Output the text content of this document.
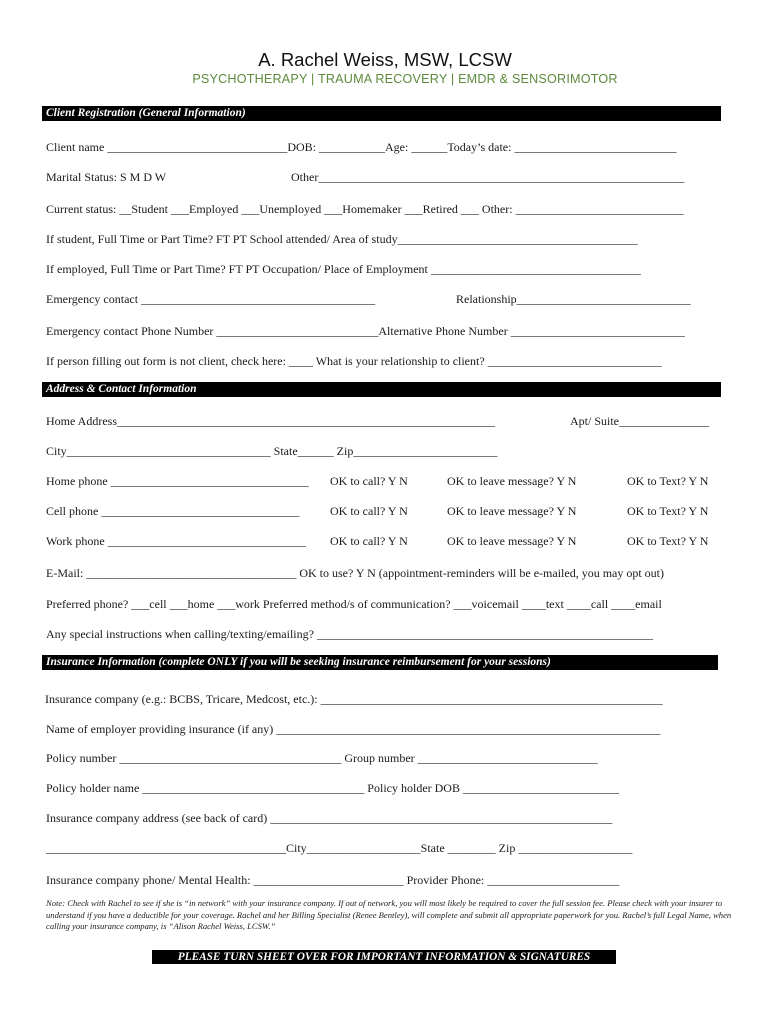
A. Rachel Weiss, MSW, LCSW
PSYCHOTHERAPY | TRAUMA RECOVERY | EMDR & SENSORIMOTOR
Client Registration (General Information)
Client name ______________________________DOB: ___________Age: ______Today’s date: ___________________________
Marital Status: S M D W	Other_____________________________________________________________
Current status: __Student ___Employed ___Unemployed ___Homemaker ___Retired ___ Other: ____________________________
If student, Full Time or Part Time? FT PT School attended/ Area of study________________________________________
If employed, Full Time or Part Time? FT PT Occupation/ Place of Employment ___________________________________
Emergency contact _______________________________________	Relationship_____________________________
Emergency contact Phone Number ___________________________Alternative Phone Number _____________________________
If person filling out form is not client, check here: ____ What is your relationship to client? _____________________________
Address & Contact Information
Home Address_______________________________________________________________	Apt/ Suite_______________
City__________________________________ State______ Zip________________________
Home phone _________________________________ OK to call? Y N	OK to leave message? Y N	OK to Text? Y N
Cell phone _________________________________	OK to call? Y N	OK to leave message? Y N	OK to Text? Y N
Work phone _________________________________ OK to call? Y N	OK to leave message? Y N	OK to Text? Y N
E-Mail: ___________________________________ OK to use? Y N (appointment-reminders will be e-mailed, you may opt out)
Preferred phone? ___cell ___home ___work Preferred method/s of communication? ___voicemail ____text ____call ____email
Any special instructions when calling/texting/emailing? ________________________________________________________
Insurance Information (complete ONLY if you will be seeking insurance reimbursement for your sessions)
Insurance company (e.g.: BCBS, Tricare, Medcost, etc.): _________________________________________________________
Name of employer providing insurance (if any) ________________________________________________________________
Policy number _____________________________________ Group number ______________________________
Policy holder name _____________________________________ Policy holder DOB __________________________
Insurance company address (see back of card) _________________________________________________________
________________________________________City___________________State ________ Zip ___________________
Insurance company phone/ Mental Health: _________________________ Provider Phone: ______________________
Note: Check with Rachel to see if she is “in network” with your insurance company. If out of network, you will most likely be required to cover the full session fee. Please check with your insurer to understand if you have a deductible for your coverage. Rachel and her Billing Specialist (Renee Bentley), will complete and submit all appropriate paperwork for you. Rachel’s full Legal Name, when calling your insurance company, is “Alison Rachel Weiss, LCSW.”
PLEASE TURN SHEET OVER FOR IMPORTANT INFORMATION & SIGNATURES
